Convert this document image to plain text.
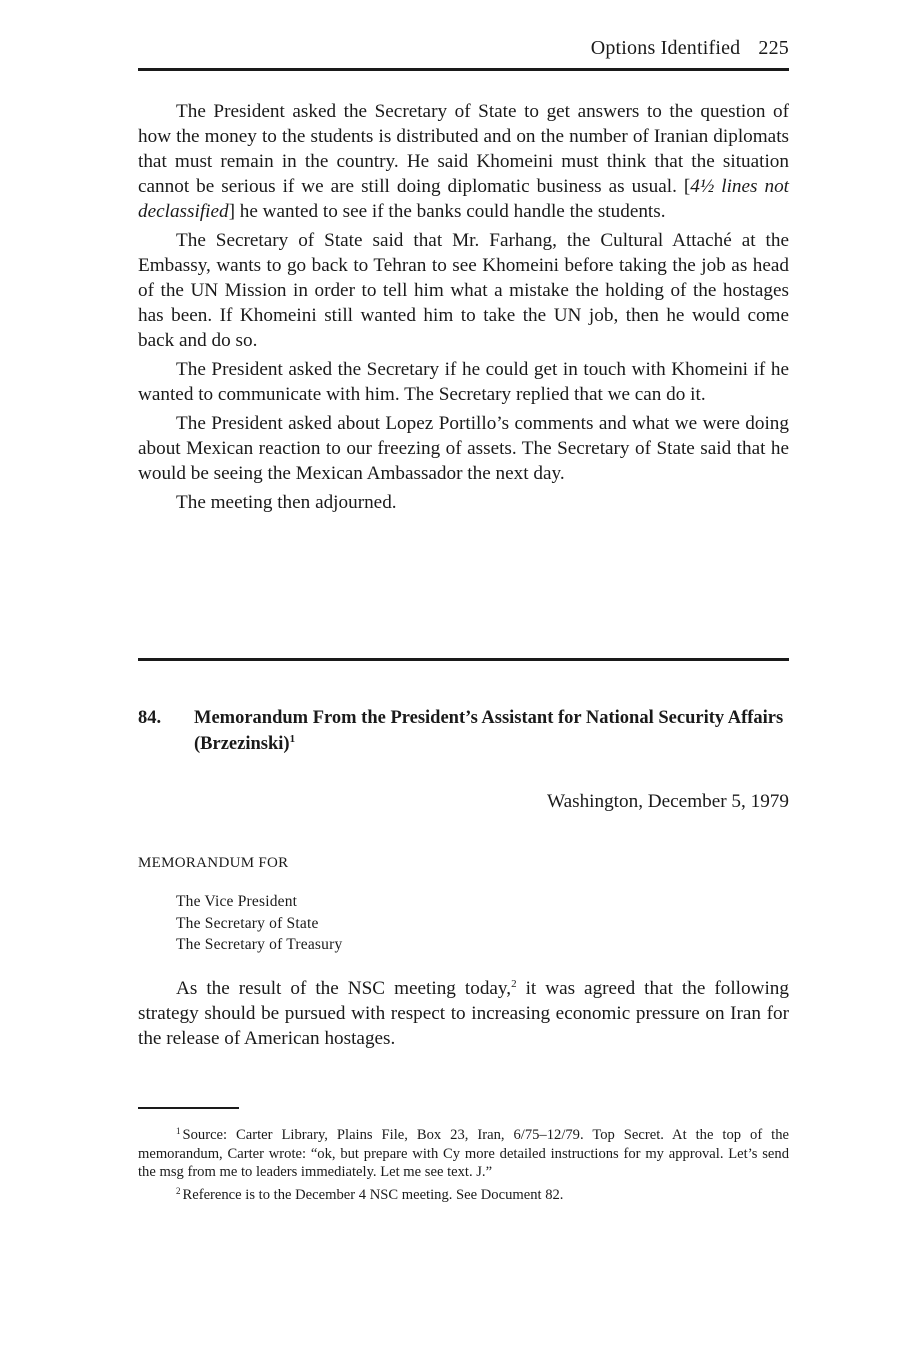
Options Identified 225

The President asked the Secretary of State to get answers to the question of how the money to the students is distributed and on the number of Iranian diplomats that must remain in the country. He said Khomeini must think that the situation cannot be serious if we are still doing diplomatic business as usual. [4½ lines not declassified] he wanted to see if the banks could handle the students.

The Secretary of State said that Mr. Farhang, the Cultural Attaché at the Embassy, wants to go back to Tehran to see Khomeini before taking the job as head of the UN Mission in order to tell him what a mistake the holding of the hostages has been. If Khomeini still wanted him to take the UN job, then he would come back and do so.

The President asked the Secretary if he could get in touch with Khomeini if he wanted to communicate with him. The Secretary replied that we can do it.

The President asked about Lopez Portillo’s comments and what we were doing about Mexican reaction to our freezing of assets. The Secretary of State said that he would be seeing the Mexican Ambassador the next day.

The meeting then adjourned.

84. Memorandum From the President’s Assistant for National Security Affairs (Brzezinski)$^1$
Washington, December 5, 1979
MEMORANDUM FOR
The Vice President
The Secretary of State
The Secretary of Treasury

As the result of the NSC meeting today,$^2$ it was agreed that the following strategy should be pursued with respect to increasing economic pressure on Iran for the release of American hostages.

$^1$ Source: Carter Library, Plains File, Box 23, Iran, 6/75–12/79. Top Secret. At the top of the memorandum, Carter wrote: “ok, but prepare with Cy more detailed instructions for my approval. Let’s send the msg from me to leaders immediately. Let me see text. J.”

$^2$ Reference is to the December 4 NSC meeting. See Document 82.
